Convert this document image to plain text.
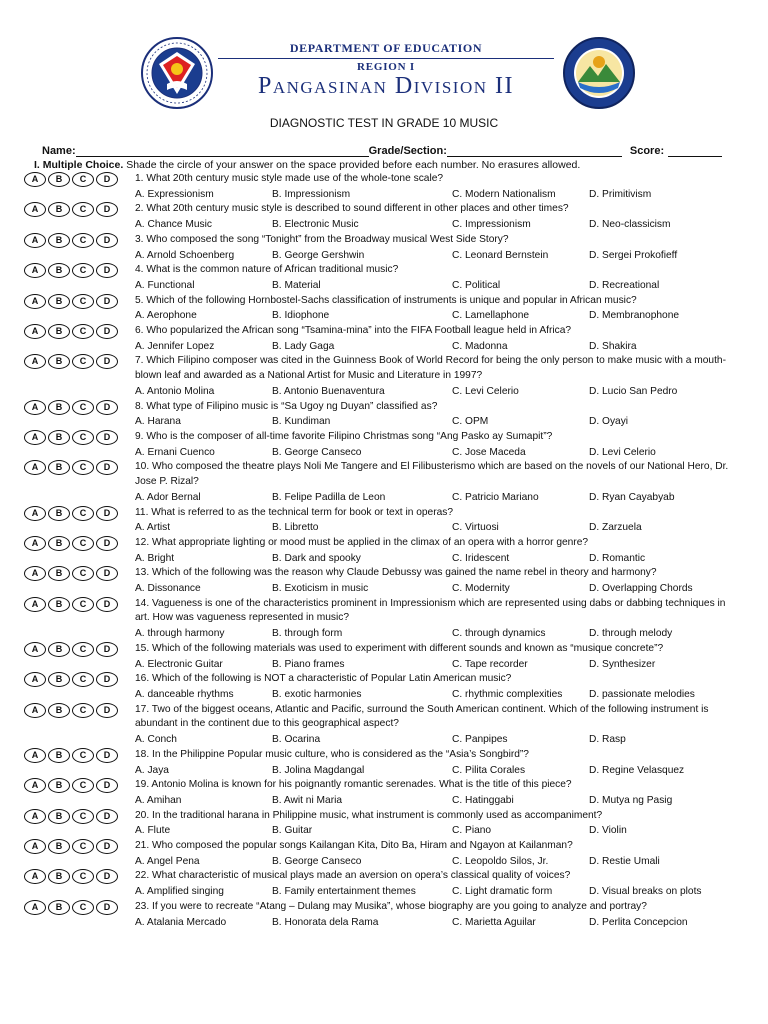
DEPARTMENT OF EDUCATION
REGION I
Pangasinan Division II
DIAGNOSTIC TEST IN GRADE 10 MUSIC
Name:	Grade/Section:	Score:
I. Multiple Choice. Shade the circle of your answer on the space provided before each number. No erasures allowed.
A	B	C	D	1. What 20th century music style made use of the whole-tone scale?
A. Expressionism	B. Impressionism	C. Modern Nationalism	D. Primitivism
A	B	C	D	2. What 20th century music style is described to sound different in other places and other times?
A. Chance Music	B. Electronic Music	C. Impressionism	D. Neo-classicism
A	B	C	D	3. Who composed the song “Tonight” from the Broadway musical West Side Story?
A. Arnold Schoenberg	B. George Gershwin	C. Leonard Bernstein	D. Sergei Prokofieff
A	B	C	D	4. What is the common nature of African traditional music?
A. Functional	B. Material	C. Political	D. Recreational
A	B	C	D	5. Which of the following Hornbostel-Sachs classification of instruments is unique and popular in African music?
A. Aerophone	B. Idiophone	C. Lamellaphone	D. Membranophone
A	B	C	D	6. Who popularized the African song “Tsamina-mina” into the FIFA Football league held in Africa?
A. Jennifer Lopez	B. Lady Gaga	C. Madonna	D. Shakira
A	B	C	D	7. Which Filipino composer was cited in the Guinness Book of World Record for being the only person to make music with a mouth-blown leaf and awarded as a National Artist for Music and Literature in 1997?
A. Antonio Molina	B. Antonio Buenaventura	C. Levi Celerio	D. Lucio San Pedro
A	B	C	D	8. What type of Filipino music is “Sa Ugoy ng Duyan” classified as?
A. Harana	B. Kundiman	C. OPM	D. Oyayi
A	B	C	D	9. Who is the composer of all-time favorite Filipino Christmas song “Ang Pasko ay Sumapit”?
A. Ernani Cuenco	B. George Canseco	C. Jose Maceda	D. Levi Celerio
A	B	C	D	10. Who composed the theatre plays Noli Me Tangere and El Filibusterismo which are based on the novels of our National Hero, Dr. Jose P. Rizal?
A. Ador Bernal	B. Felipe Padilla de Leon	C. Patricio Mariano	D. Ryan Cayabyab
A	B	C	D	11. What is referred to as the technical term for book or text in operas?
A. Artist	B. Libretto	C. Virtuosi	D. Zarzuela
A	B	C	D	12. What appropriate lighting or mood must be applied in the climax of an opera with a horror genre?
A. Bright	B. Dark and spooky	C. Iridescent	D. Romantic
A	B	C	D	13. Which of the following was the reason why Claude Debussy was gained the name rebel in theory and harmony?
A. Dissonance	B. Exoticism in music	C. Modernity	D. Overlapping Chords
A	B	C	D	14. Vagueness is one of the characteristics prominent in Impressionism which are represented using dabs or dabbing techniques in art. How was vagueness represented in music?
A. through harmony	B. through form	C. through dynamics	D. through melody
A	B	C	D	15. Which of the following materials was used to experiment with different sounds and known as “musique concrete”?
A. Electronic Guitar	B. Piano frames	C. Tape recorder	D. Synthesizer
A	B	C	D	16. Which of the following is NOT a characteristic of Popular Latin American music?
A. danceable rhythms	B. exotic harmonies	C. rhythmic complexities	D. passionate melodies
A	B	C	D	17. Two of the biggest oceans, Atlantic and Pacific, surround the South American continent. Which of the following instrument is abundant in the continent due to this geographical aspect?
A. Conch	B. Ocarina	C. Panpipes	D. Rasp
A	B	C	D	18. In the Philippine Popular music culture, who is considered as the “Asia’s Songbird”?
A. Jaya	B. Jolina Magdangal	C. Pilita Corales	D. Regine Velasquez
A	B	C	D	19. Antonio Molina is known for his poignantly romantic serenades. What is the title of this piece?
A. Amihan	B. Awit ni Maria	C. Hatinggabi	D. Mutya ng Pasig
A	B	C	D	20. In the traditional harana in Philippine music, what instrument is commonly used as accompaniment?
A. Flute	B. Guitar	C. Piano	D. Violin
A	B	C	D	21. Who composed the popular songs Kailangan Kita, Dito Ba, Hiram and Ngayon at Kailanman?
A. Angel Pena	B. George Canseco	C. Leopoldo Silos, Jr.	D. Restie Umali
A	B	C	D	22. What characteristic of musical plays made an aversion on opera’s classical quality of voices?
A. Amplified singing	B. Family entertainment themes	C. Light dramatic form	D. Visual breaks on plots
A	B	C	D	23. If you were to recreate “Atang – Dulang may Musika”, whose biography are you going to analyze and portray?
A. Atalania Mercado	B. Honorata dela Rama	C. Marietta Aguilar	D. Perlita Concepcion
